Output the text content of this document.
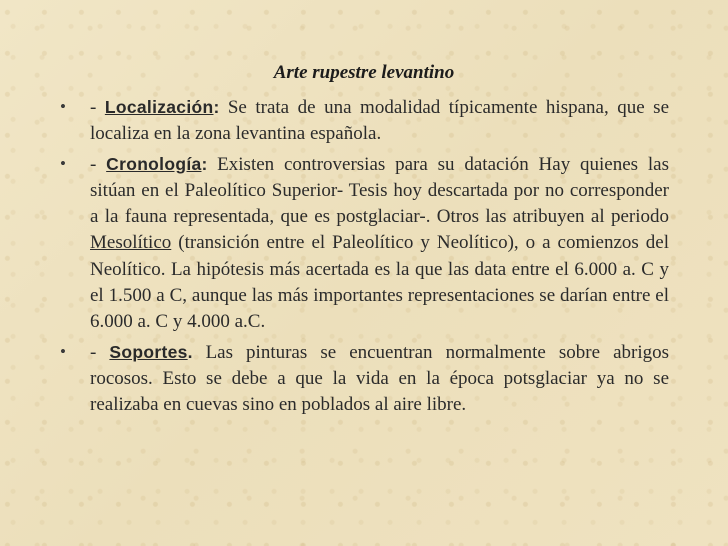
Arte rupestre levantino
•	- Localización: Se trata de una modalidad típicamente hispana, que se localiza en la zona levantina española.
•	- Cronología: Existen controversias para su datación Hay quienes las sitúan en el Paleolítico Superior- Tesis hoy descartada por no corresponder a la fauna representada, que es postglaciar-. Otros las atribuyen al periodo Mesolítico (transición entre el Paleolítico y Neolítico), o a comienzos del Neolítico. La hipótesis más acertada es la que las data entre el 6.000 a. C y el 1.500 a C, aunque las más importantes representaciones se darían entre el 6.000 a. C y 4.000 a.C.
•	- Soportes. Las pinturas se encuentran normalmente sobre abrigos rocosos. Esto se debe a que la vida en la época potsglaciar ya no se realizaba en cuevas sino en poblados al aire libre.
